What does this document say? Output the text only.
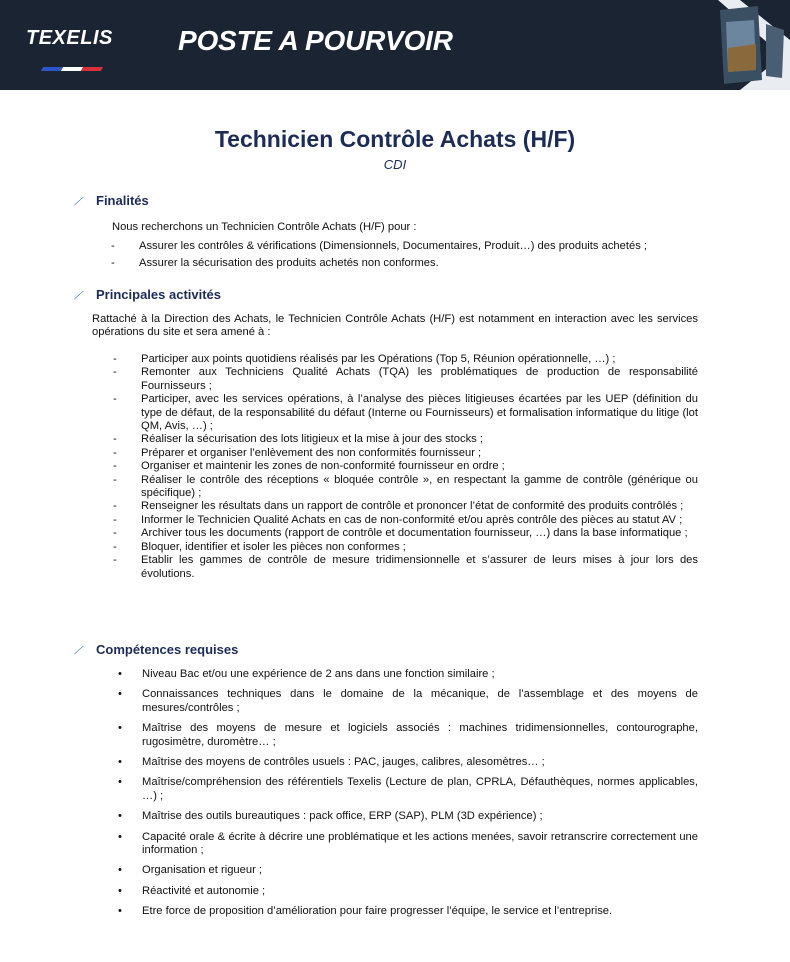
TEXELIS POSTE A POURVOIR
Technicien Contrôle Achats (H/F)
CDI
⟋ Finalités
Nous recherchons un Technicien Contrôle Achats (H/F) pour :
- Assurer les contrôles & vérifications (Dimensionnels, Documentaires, Produit…) des produits achetés ;
- Assurer la sécurisation des produits achetés non conformes.
⟋ Principales activités
Rattaché à la Direction des Achats, le Technicien Contrôle Achats (H/F) est notamment en interaction avec les services opérations du site et sera amené à :
- Participer aux points quotidiens réalisés par les Opérations (Top 5, Réunion opérationnelle, …) ;
- Remonter aux Techniciens Qualité Achats (TQA) les problématiques de production de responsabilité Fournisseurs ;
- Participer, avec les services opérations, à l’analyse des pièces litigieuses écartées par les UEP (définition du type de défaut, de la responsabilité du défaut (Interne ou Fournisseurs) et formalisation informatique du litige (lot QM, Avis, …) ;
- Réaliser la sécurisation des lots litigieux et la mise à jour des stocks ;
- Préparer et organiser l’enlèvement des non conformités fournisseur ;
- Organiser et maintenir les zones de non-conformité fournisseur en ordre ;
- Réaliser le contrôle des réceptions « bloquée contrôle », en respectant la gamme de contrôle (générique ou spécifique) ;
- Renseigner les résultats dans un rapport de contrôle et prononcer l’état de conformité des produits contrôlés ;
- Informer le Technicien Qualité Achats en cas de non-conformité et/ou après contrôle des pièces au statut AV ;
- Archiver tous les documents (rapport de contrôle et documentation fournisseur, …) dans la base informatique ;
- Bloquer, identifier et isoler les pièces non conformes ;
- Etablir les gammes de contrôle de mesure tridimensionnelle et s’assurer de leurs mises à jour lors des évolutions.
⟋ Compétences requises
• Niveau Bac et/ou une expérience de 2 ans dans une fonction similaire ;
• Connaissances techniques dans le domaine de la mécanique, de l’assemblage et des moyens de mesures/contrôles ;
• Maîtrise des moyens de mesure et logiciels associés : machines tridimensionnelles, contourographe, rugosimètre, duromètre… ;
• Maîtrise des moyens de contrôles usuels : PAC, jauges, calibres, alesomètres… ;
• Maîtrise/compréhension des référentiels Texelis (Lecture de plan, CPRLA, Défauthèques, normes applicables, …) ;
• Maîtrise des outils bureautiques : pack office, ERP (SAP), PLM (3D expérience) ;
• Capacité orale & écrite à décrire une problématique et les actions menées, savoir retranscrire correctement une information ;
• Organisation et rigueur ;
• Réactivité et autonomie ;
• Etre force de proposition d’amélioration pour faire progresser l’équipe, le service et l’entreprise.
